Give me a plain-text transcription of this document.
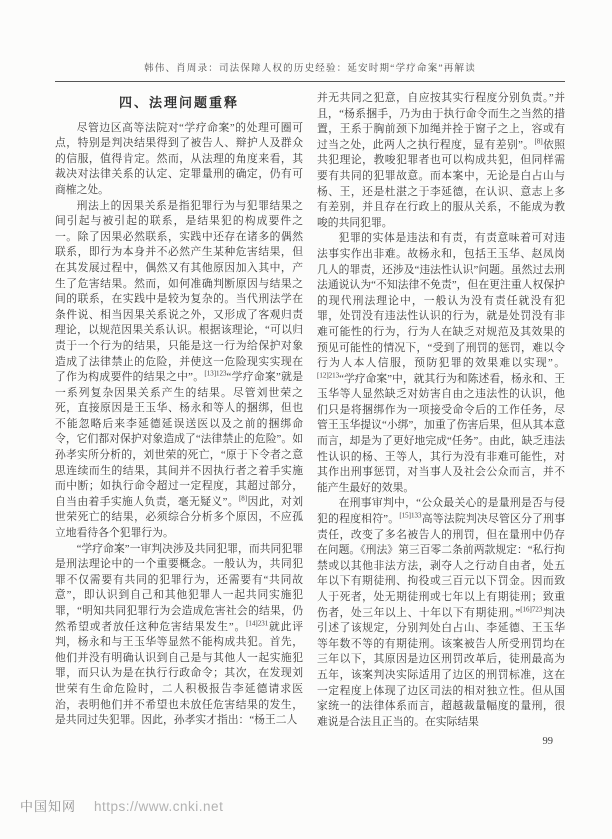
韩伟、肖周录：司法保障人权的历史经验：延安时期“学疗命案”再解读
四、法理问题重释

尽管边区高等法院对“学疗命案”的处理可圈可点，特别是判决结果得到了被告人、辩护人及群众的信服，值得肯定。然而，从法理的角度来看，其裁决对法律关系的认定、定罪量刑的确定，仍有可商榷之处。

刑法上的因果关系是指犯罪行为与犯罪结果之间引起与被引起的联系，是结果犯的构成要件之一。除了因果必然联系，实践中还存在诸多的偶然联系，即行为本身并不必然产生某种危害结果，但在其发展过程中，偶然又有其他原因加入其中，产生了危害结果。然而，如何准确判断原因与结果之间的联系，在实践中是较为复杂的。当代刑法学在条件说、相当因果关系说之外，又形成了客观归责理论，以规范因果关系认识。根据该理论，“可以归责于一个行为的结果，只能是这一行为给保护对象造成了法律禁止的危险，并使这一危险现实实现在了作为构成要件的结果之中”。$^{[13]123}$“学疗命案”就是一系列复杂因果关系产生的结果。尽管刘世荣之死，直接原因是王玉华、杨永和等人的捆绑，但也不能忽略后来李延德延误送医以及之前的捆绑命令，它们都对保护对象造成了“法律禁止的危险”。如孙孝实所分析的，刘世荣的死亡，“原于下令者之意思连续而生的结果，其间并不因执行者之着手实施而中断；如执行命令超过一定程度，其超过部分，自当由着手实施人负责，毫无疑义”。[8]因此，对刘世荣死亡的结果，必须综合分析多个原因，不应孤立地看待各个犯罪行为。

“学疗命案”一审判决涉及共同犯罪，而共同犯罪是刑法理论中的一个重要概念。一般认为，共同犯罪不仅需要有共同的犯罪行为，还需要有“共同故意”，即认识到自己和其他犯罪人一起共同实施犯罪，“明知共同犯罪行为会造成危害社会的结果，仍然希望或者放任这种危害结果发生”。$^{[14]231}$就此评判，杨永和与王玉华等显然不能构成共犯。首先，他们并没有明确认识到自己是与其他人一起实施犯罪，而只认为是在执行行政命令；其次，在发现刘世荣有生命危险时，二人积极报告李延德请求医治，表明他们并不希望也未放任危害结果的发生，是共同过失犯罪。因此，孙孝实才指出：“杨王二人

并无共同之犯意，自应按其实行程度分别负责。”并且，“杨系捆手，乃为由于执行命令而生之当然的措置，王系于胸前颈下加绳并拴于窗子之上，容或有过当之处，此两人之执行程度，显有差别”。[8]依照共犯理论，教唆犯罪者也可以构成共犯，但同样需要有共同的犯罪故意。而本案中，无论是白占山与杨、王，还是杜湛之于李延德，在认识、意志上多有差别，并且存在行政上的服从关系，不能成为教唆的共同犯罪。

犯罪的实体是违法和有责，有责意味着可对违法事实作出非难。故杨永和，包括王玉华、赵凤岗几人的罪责，还涉及“违法性认识”问题。虽然过去刑法通说认为“不知法律不免责”，但在更注重人权保护的现代刑法理论中，一般认为没有责任就没有犯罪，处罚没有违法性认识的行为，就是处罚没有非难可能性的行为，行为人在缺乏对规范及其效果的预见可能性的情况下，“受到了刑罚的惩罚，难以令行为人本人信服，预防犯罪的效果难以实现”。$^{[12]213}$“学疗命案”中，就其行为和陈述看，杨永和、王玉华等人显然缺乏对妨害自由之违法性的认识，他们只是将捆绑作为一项接受命令后的工作任务，尽管王玉华提议“小绑”，加重了伤害后果，但从其本意而言，却是为了更好地完成“任务”。由此，缺乏违法性认识的杨、王等人，其行为没有非难可能性，对其作出刑事惩罚，对当事人及社会公众而言，并不能产生最好的效果。

在刑事审判中，“公众最关心的是量刑是否与侵犯的程度相符”。$^{[15]133}$高等法院判决尽管区分了刑事责任，改变了多名被告人的刑罚，但在量刑中仍存在问题。《刑法》第三百零二条前两款规定：“私行拘禁或以其他非法方法，剥夺人之行动自由者，处五年以下有期徒刑、拘役或三百元以下罚金。因而致人于死者，处无期徒刑或七年以上有期徒刑；致重伤者，处三年以上、十年以下有期徒刑。”$^{[16]723}$判决引述了该规定，分别判处白占山、李延德、王玉华等年数不等的有期徒刑。该案被告人所受刑罚均在三年以下，其原因是边区刑罚改革后，徒刑最高为五年，该案判决实际适用了边区的刑罚标准，这在一定程度上体现了边区司法的相对独立性。但从国家统一的法律体系而言，超越裁量幅度的量刑，很难说是合法且正当的。在实际结果

99
中国知网 https://www.cnki.net
